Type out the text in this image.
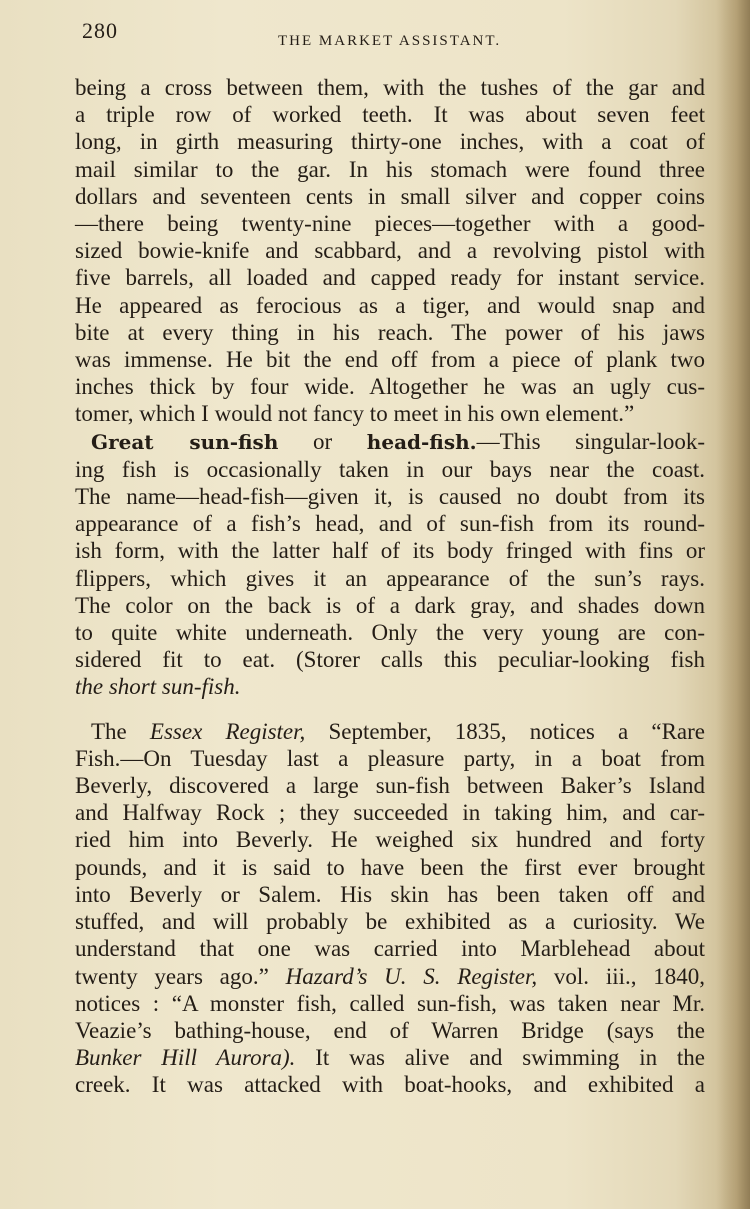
280	THE MARKET ASSISTANT.

being a cross between them, with the tushes of the gar and
a triple row of worked teeth. It was about seven feet
long, in girth measuring thirty-one inches, with a coat of
mail similar to the gar. In his stomach were found three
dollars and seventeen cents in small silver and copper coins
—there being twenty-nine pieces—together with a good-
sized bowie-knife and scabbard, and a revolving pistol with
five barrels, all loaded and capped ready for instant service.
He appeared as ferocious as a tiger, and would snap and
bite at every thing in his reach. The power of his jaws
was immense. He bit the end off from a piece of plank two
inches thick by four wide. Altogether he was an ugly cus-
tomer, which I would not fancy to meet in his own element.”

Great sun-fish or head-fish.—This singular-look-
ing fish is occasionally taken in our bays near the coast.
The name—head-fish—given it, is caused no doubt from its
appearance of a fish’s head, and of sun-fish from its round-
ish form, with the latter half of its body fringed with fins or
flippers, which gives it an appearance of the sun’s rays.
The color on the back is of a dark gray, and shades down
to quite white underneath. Only the very young are con-
sidered fit to eat. (Storer calls this peculiar-looking fish
the short sun-fish.

The Essex Register, September, 1835, notices a “Rare
Fish.—On Tuesday last a pleasure party, in a boat from
Beverly, discovered a large sun-fish between Baker’s Island
and Halfway Rock ; they succeeded in taking him, and car-
ried him into Beverly. He weighed six hundred and forty
pounds, and it is said to have been the first ever brought
into Beverly or Salem. His skin has been taken off and
stuffed, and will probably be exhibited as a curiosity. We
understand that one was carried into Marblehead about
twenty years ago.” Hazard’s U. S. Register, vol. iii., 1840,
notices : “A monster fish, called sun-fish, was taken near Mr.
Veazie’s bathing-house, end of Warren Bridge (says the
Bunker Hill Aurora). It was alive and swimming in the
creek. It was attacked with boat-hooks, and exhibited a
